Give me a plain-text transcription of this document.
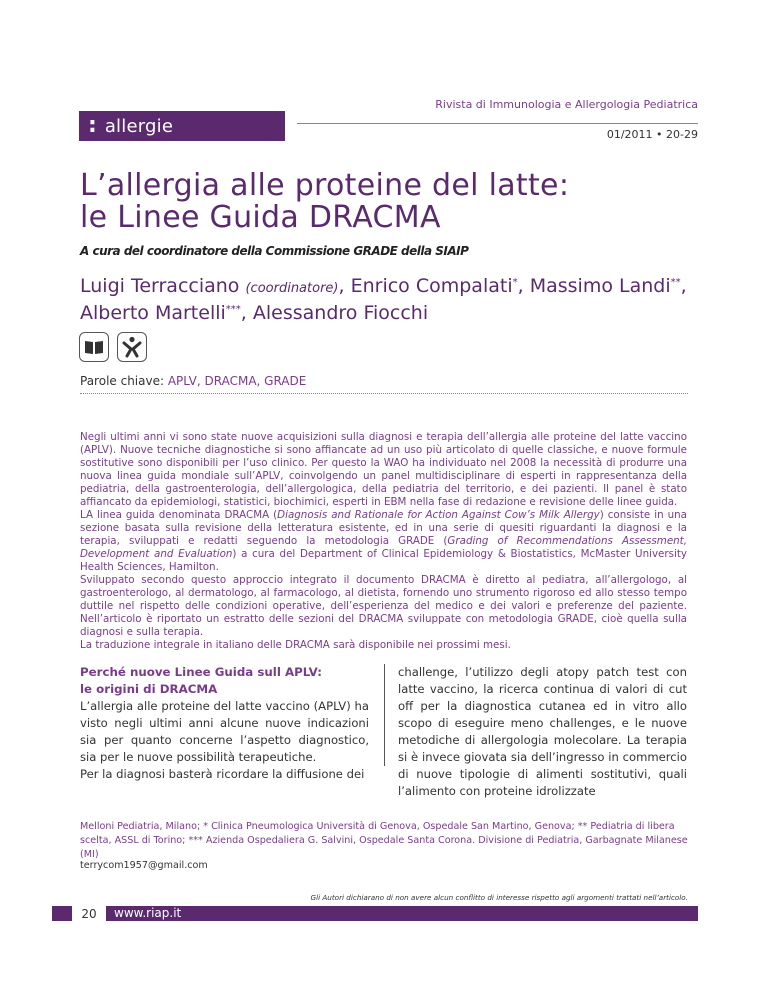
: allergie
Rivista di Immunologia e Allergologia Pediatrica
01/2011 • 20-29
L’allergia alle proteine del latte:
le Linee Guida DRACMA
A cura del coordinatore della Commissione GRADE della SIAIP
Luigi Terracciano (coordinatore), Enrico Compalati*, Massimo Landi**,
Alberto Martelli***, Alessandro Fiocchi
Parole chiave: APLV, DRACMA, GRADE

Negli ultimi anni vi sono state nuove acquisizioni sulla diagnosi e terapia dell’allergia alle proteine del latte vaccino (APLV). Nuove tecniche diagnostiche si sono affiancate ad un uso più articolato di quelle classiche, e nuove formule sostitutive sono disponibili per l’uso clinico. Per questo la WAO ha individuato nel 2008 la necessità di produrre una nuova linea guida mondiale sull’APLV, coinvolgendo un panel multidisciplinare di esperti in rappresentanza della pediatria, della gastroenterologia, dell’allergologica, della pediatria del territorio, e dei pazienti. Il panel è stato affiancato da epidemiologi, statistici, biochimici, esperti in EBM nella fase di redazione e revisione delle linee guida.

LA linea guida denominata DRACMA (Diagnosis and Rationale for Action Against Cow’s Milk Allergy) consiste in una sezione basata sulla revisione della letteratura esistente, ed in una serie di quesiti riguardanti la diagnosi e la terapia, sviluppati e redatti seguendo la metodologia GRADE (Grading of Recommendations Assessment, Development and Evaluation) a cura del Department of Clinical Epidemiology & Biostatistics, McMaster University Health Sciences, Hamilton.

Sviluppato secondo questo approccio integrato il documento DRACMA è diretto al pediatra, all’allergologo, al gastroenterologo, al dermatologo, al farmacologo, al dietista, fornendo uno strumento rigoroso ed allo stesso tempo duttile nel rispetto delle condizioni operative, dell’esperienza del medico e dei valori e preferenze del paziente. Nell’articolo è riportato un estratto delle sezioni del DRACMA sviluppate con metodologia GRADE, cioè quella sulla diagnosi e sulla terapia.

La traduzione integrale in italiano delle DRACMA sarà disponibile nei prossimi mesi.

Perché nuove Linee Guida sull APLV:
le origini di DRACMA

L’allergia alle proteine del latte vaccino (APLV) ha visto negli ultimi anni alcune nuove indicazioni sia per quanto concerne l’aspetto diagnostico, sia per le nuove possibilità terapeutiche.

Per la diagnosi basterà ricordare la diffusione dei

challenge, l’utilizzo degli atopy patch test con latte vaccino, la ricerca continua di valori di cut off per la diagnostica cutanea ed in vitro allo scopo di eseguire meno challenges, e le nuove metodiche di allergologia molecolare. La terapia si è invece giovata sia dell’ingresso in commercio di nuove tipologie di alimenti sostitutivi, quali l’alimento con proteine idrolizzate

Melloni Pediatria, Milano; * Clinica Pneumologica Università di Genova, Ospedale San Martino, Genova; ** Pediatria di libera scelta, ASSL di Torino; *** Azienda Ospedaliera G. Salvini, Ospedale Santa Corona. Divisione di Pediatria, Garbagnate Milanese (MI)
terrycom1957@gmail.com
Gli Autori dichiarano di non avere alcun conflitto di interesse rispetto agli argomenti trattati nell’articolo.
20	www.riap.it
